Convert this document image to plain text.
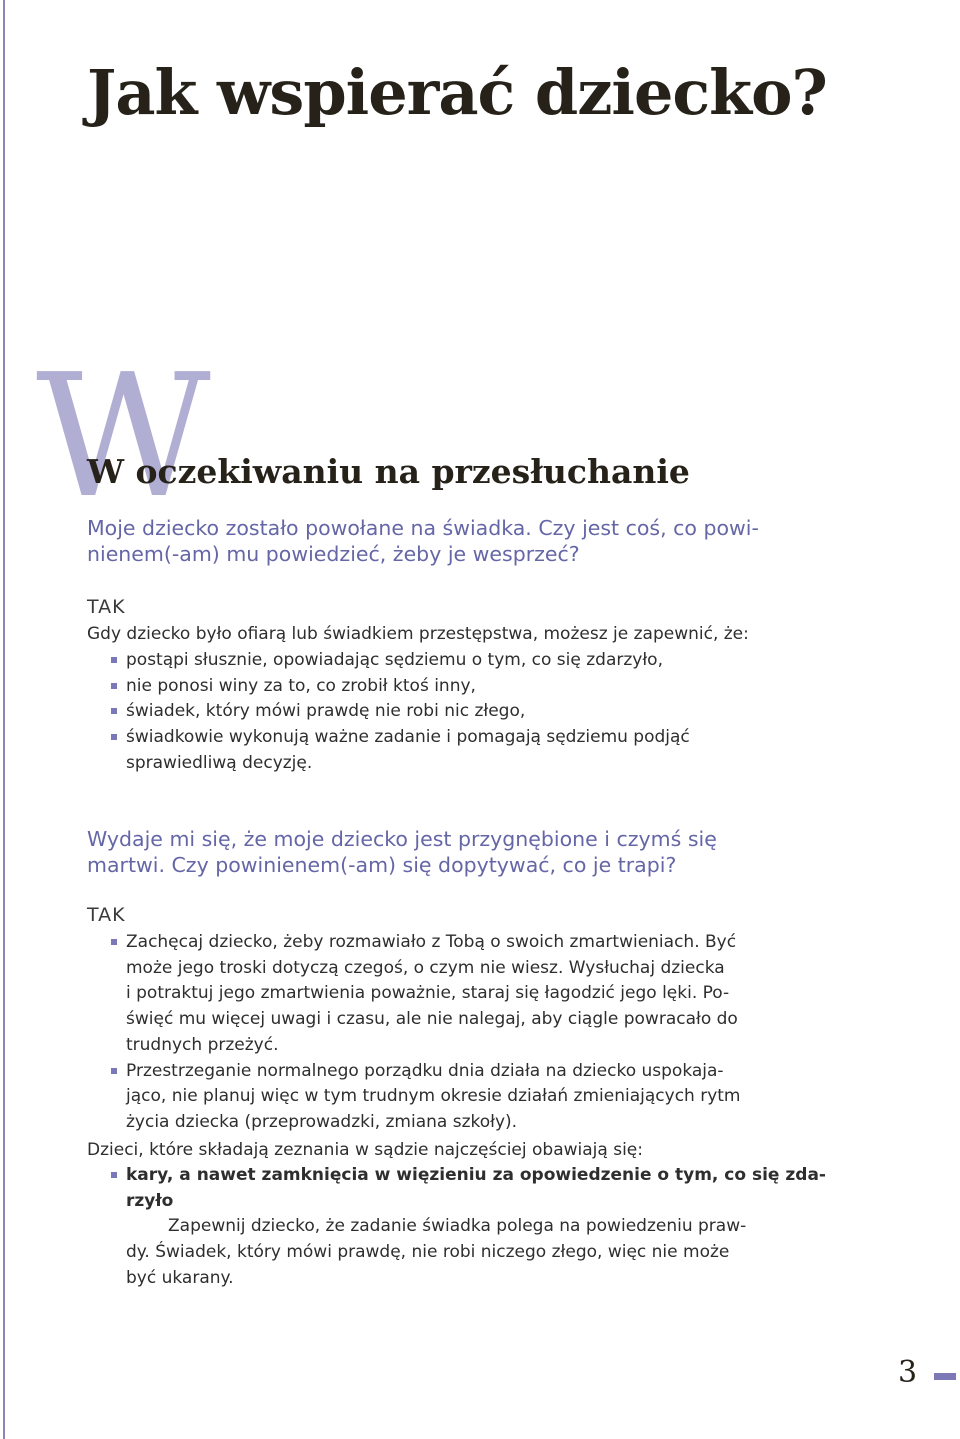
Jak wspierać dziecko?
W
W oczekiwaniu na przesłuchanie

Moje dziecko zostało powołane na świadka. Czy jest coś, co powi-
nienem(-am) mu powiedzieć, żeby je wesprzeć?

TAK

Gdy dziecko było ofiarą lub świadkiem przestępstwa, możesz je zapewnić, że:

postąpi słusznie, opowiadając sędziemu o tym, co się zdarzyło,
nie ponosi winy za to, co zrobił ktoś inny,
świadek, który mówi prawdę nie robi nic złego,
świadkowie wykonują ważne zadanie i pomagają sędziemu podjąć
sprawiedliwą decyzję.

Wydaje mi się, że moje dziecko jest przygnębione i czymś się
martwi. Czy powinienem(-am) się dopytywać, co je trapi?

TAK

Zachęcaj dziecko, żeby rozmawiało z Tobą o swoich zmartwieniach. Być
może jego troski dotyczą czegoś, o czym nie wiesz. Wysłuchaj dziecka
i potraktuj jego zmartwienia poważnie, staraj się łagodzić jego lęki. Po-
święć mu więcej uwagi i czasu, ale nie nalegaj, aby ciągle powracało do
trudnych przeżyć.
Przestrzeganie normalnego porządku dnia działa na dziecko uspokaja-
jąco, nie planuj więc w tym trudnym okresie działań zmieniających rytm
życia dziecka (przeprowadzki, zmiana szkoły).

Dzieci, które składają zeznania w sądzie najczęściej obawiają się:

kary, a nawet zamknięcia w więzieniu za opowiedzenie o tym, co się zda-
rzyło
Zapewnij dziecko, że zadanie świadka polega na powiedzeniu praw-
dy. Świadek, który mówi prawdę, nie robi niczego złego, więc nie może
być ukarany.
3
